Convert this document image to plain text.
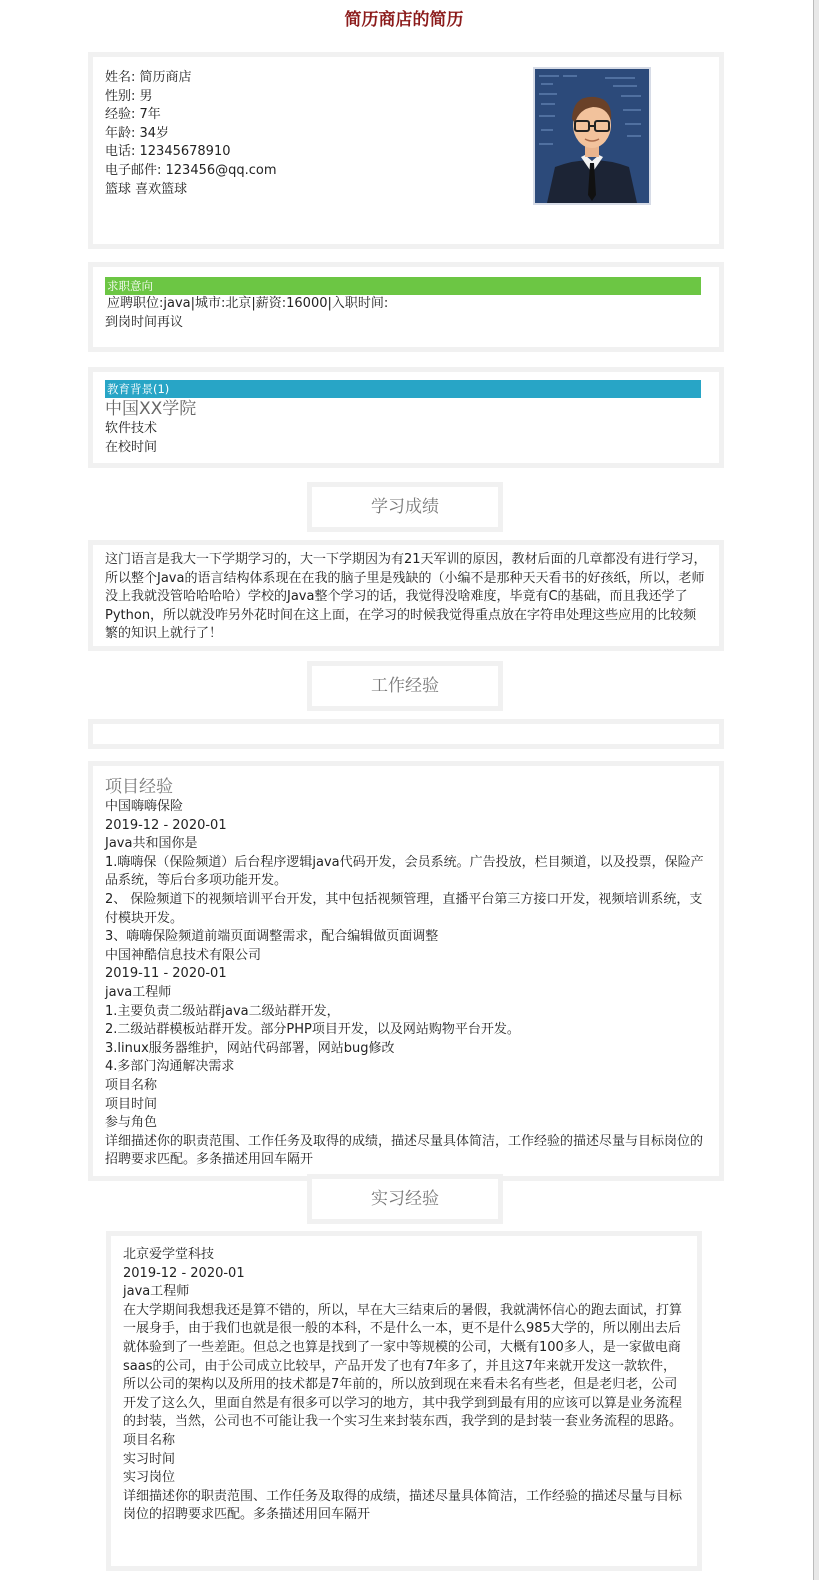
简历商店的简历
姓名: 简历商店
性别: 男
经验: 7年
年龄: 34岁
电话: 12345678910
电子邮件: 123456@qq.com
篮球 喜欢篮球
求职意向
应聘职位:java|城市:北京|薪资:16000|入职时间:
到岗时间再议
教育背景(1)
中国XX学院
软件技术
在校时间
学习成绩
这门语言是我大一下学期学习的，大一下学期因为有21天军训的原因，教材后面的几章都没有进行学习，所以整个Java的语言结构体系现在在我的脑子里是残缺的（小编不是那种天天看书的好孩纸，所以，老师没上我就没管哈哈哈哈）学校的Java整个学习的话，我觉得没啥难度，毕竟有C的基础，而且我还学了Python，所以就没咋另外花时间在这上面，在学习的时候我觉得重点放在字符串处理这些应用的比较频繁的知识上就行了！
工作经验
项目经验
中国嗨嗨保险
2019-12 - 2020-01
Java共和国你是
1.嗨嗨保（保险频道）后台程序逻辑java代码开发，会员系统。广告投放，栏目频道，以及投票，保险产品系统，等后台多项功能开发。
2、 保险频道下的视频培训平台开发，其中包括视频管理，直播平台第三方接口开发，视频培训系统，支付模块开发。
3、嗨嗨保险频道前端页面调整需求，配合编辑做页面调整
中国神酷信息技术有限公司
2019-11 - 2020-01
java工程师
1.主要负责二级站群java二级站群开发，
2.二级站群模板站群开发。部分PHP项目开发，以及网站购物平台开发。
3.linux服务器维护，网站代码部署，网站bug修改
4.多部门沟通解决需求
项目名称
项目时间
参与角色
详细描述你的职责范围、工作任务及取得的成绩，描述尽量具体简洁，工作经验的描述尽量与目标岗位的招聘要求匹配。多条描述用回车隔开
实习经验
北京爱学堂科技
2019-12 - 2020-01
java工程师
在大学期间我想我还是算不错的，所以，早在大三结束后的暑假，我就满怀信心的跑去面试，打算一展身手，由于我们也就是很一般的本科，不是什么一本，更不是什么985大学的，所以刚出去后就体验到了一些差距。但总之也算是找到了一家中等规模的公司，大概有100多人，是一家做电商saas的公司，由于公司成立比较早，产品开发了也有7年多了，并且这7年来就开发这一款软件，所以公司的架构以及所用的技术都是7年前的，所以放到现在来看未名有些老，但是老归老，公司开发了这么久，里面自然是有很多可以学习的地方，其中我学到到最有用的应该可以算是业务流程的封装，当然，公司也不可能让我一个实习生来封装东西，我学到的是封装一套业务流程的思路。
项目名称
实习时间
实习岗位
详细描述你的职责范围、工作任务及取得的成绩，描述尽量具体简洁，工作经验的描述尽量与目标岗位的招聘要求匹配。多条描述用回车隔开
